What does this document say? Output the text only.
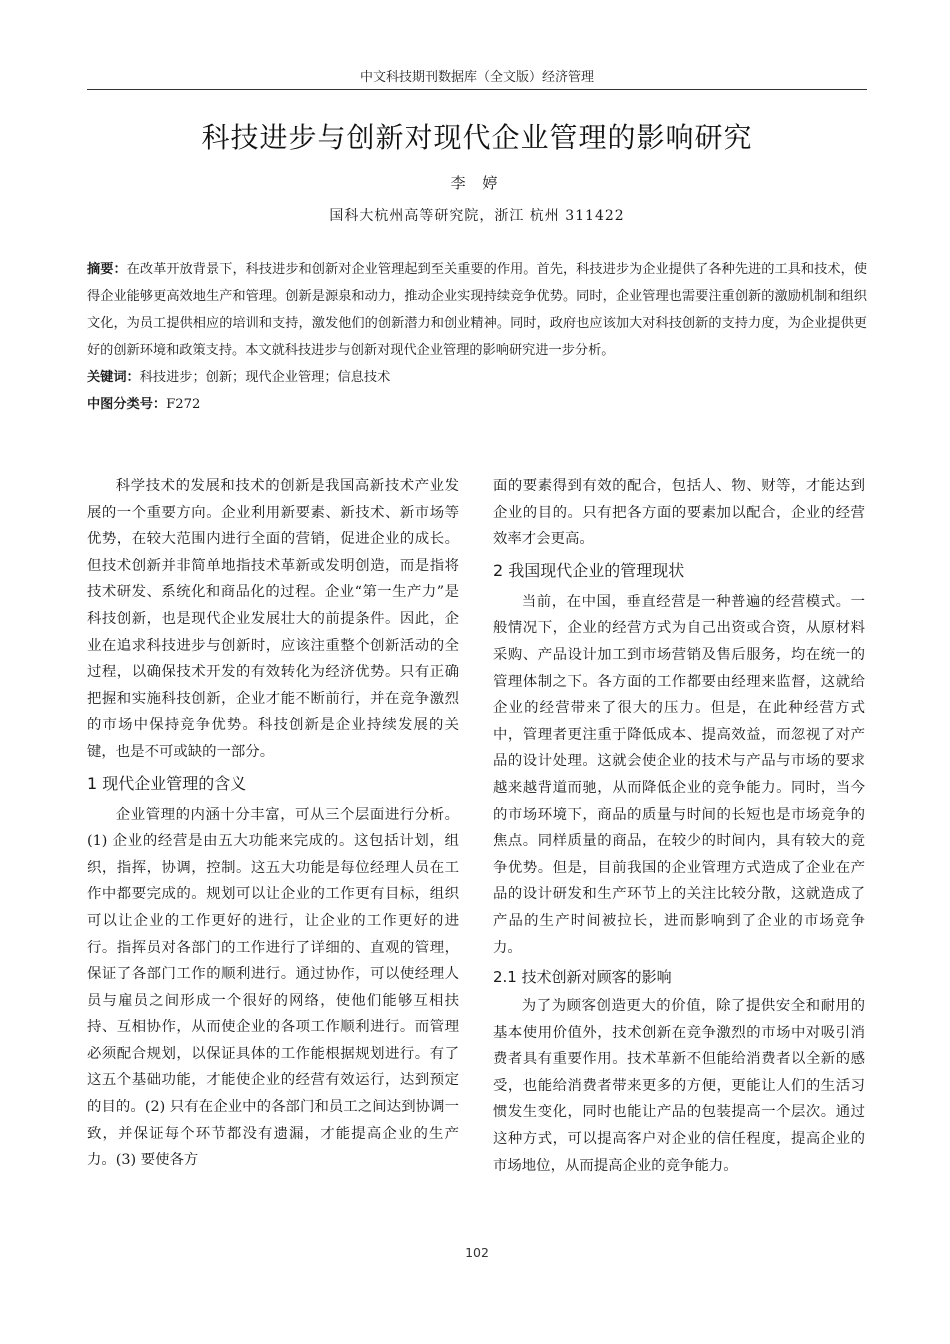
中文科技期刊数据库（全文版）经济管理
科技进步与创新对现代企业管理的影响研究
李 婷
国科大杭州高等研究院，浙江 杭州 311422

摘要：在改革开放背景下，科技进步和创新对企业管理起到至关重要的作用。首先，科技进步为企业提供了各种先进的工具和技术，使得企业能够更高效地生产和管理。创新是源泉和动力，推动企业实现持续竞争优势。同时，企业管理也需要注重创新的激励机制和组织文化，为员工提供相应的培训和支持，激发他们的创新潜力和创业精神。同时，政府也应该加大对科技创新的支持力度，为企业提供更好的创新环境和政策支持。本文就科技进步与创新对现代企业管理的影响研究进一步分析。

关键词：科技进步；创新；现代企业管理；信息技术

中图分类号：F272

科学技术的发展和技术的创新是我国高新技术产业发展的一个重要方向。企业利用新要素、新技术、新市场等优势，在较大范围内进行全面的营销，促进企业的成长。但技术创新并非简单地指技术革新或发明创造，而是指将技术研发、系统化和商品化的过程。企业“第一生产力”是科技创新，也是现代企业发展壮大的前提条件。因此，企业在追求科技进步与创新时，应该注重整个创新活动的全过程，以确保技术开发的有效转化为经济优势。只有正确把握和实施科技创新，企业才能不断前行，并在竞争激烈的市场中保持竞争优势。科技创新是企业持续发展的关键，也是不可或缺的一部分。

1 现代企业管理的含义

企业管理的内涵十分丰富，可从三个层面进行分析。(1) 企业的经营是由五大功能来完成的。这包括计划，组织，指挥，协调，控制。这五大功能是每位经理人员在工作中都要完成的。规划可以让企业的工作更有目标，组织可以让企业的工作更好的进行，让企业的工作更好的进行。指挥员对各部门的工作进行了详细的、直观的管理，保证了各部门工作的顺利进行。通过协作，可以使经理人员与雇员之间形成一个很好的网络，使他们能够互相扶持、互相协作，从而使企业的各项工作顺利进行。而管理必须配合规划，以保证具体的工作能根据规划进行。有了这五个基础功能，才能使企业的经营有效运行，达到预定的目的。(2) 只有在企业中的各部门和员工之间达到协调一致，并保证每个环节都没有遗漏，才能提高企业的生产力。(3) 要使各方

面的要素得到有效的配合，包括人、物、财等，才能达到企业的目的。只有把各方面的要素加以配合，企业的经营效率才会更高。

2 我国现代企业的管理现状

当前，在中国，垂直经营是一种普遍的经营模式。一般情况下，企业的经营方式为自己出资或合资，从原材料采购、产品设计加工到市场营销及售后服务，均在统一的管理体制之下。各方面的工作都要由经理来监督，这就给企业的经营带来了很大的压力。但是，在此种经营方式中，管理者更注重于降低成本、提高效益，而忽视了对产品的设计处理。这就会使企业的技术与产品与市场的要求越来越背道而驰，从而降低企业的竞争能力。同时，当今的市场环境下，商品的质量与时间的长短也是市场竞争的焦点。同样质量的商品，在较少的时间内，具有较大的竞争优势。但是，目前我国的企业管理方式造成了企业在产品的设计研发和生产环节上的关注比较分散，这就造成了产品的生产时间被拉长，进而影响到了企业的市场竞争力。

2.1 技术创新对顾客的影响

为了为顾客创造更大的价值，除了提供安全和耐用的基本使用价值外，技术创新在竞争激烈的市场中对吸引消费者具有重要作用。技术革新不但能给消费者以全新的感受，也能给消费者带来更多的方便，更能让人们的生活习惯发生变化，同时也能让产品的包装提高一个层次。通过这种方式，可以提高客户对企业的信任程度，提高企业的市场地位，从而提高企业的竞争能力。

102
